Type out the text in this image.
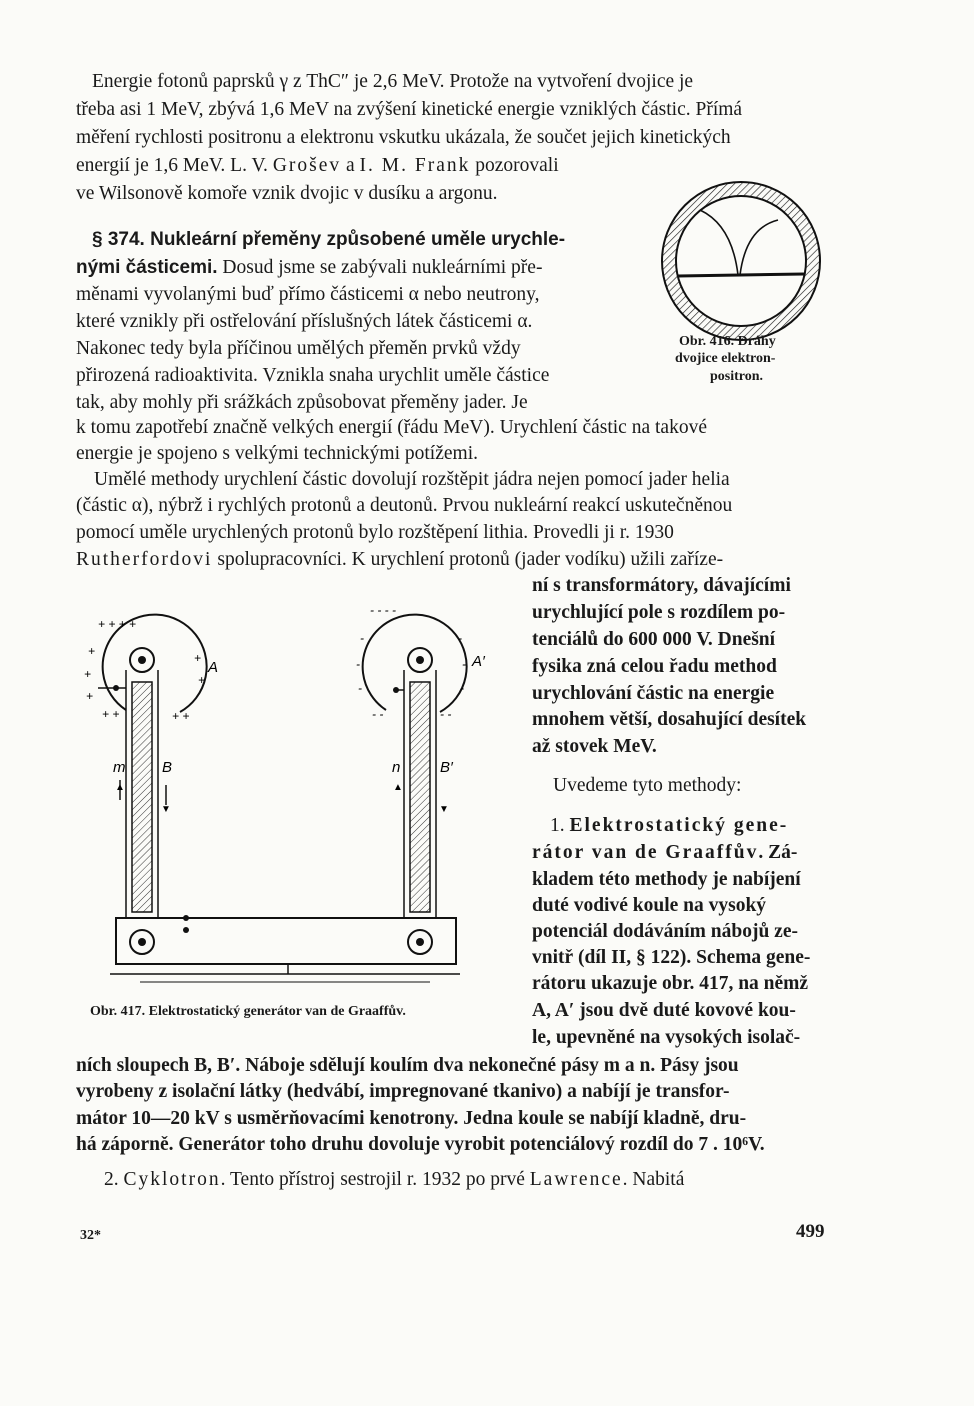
Energie fotonů paprsků γ z ThC″ je 2,6 MeV. Protože na vytvoření dvojice je
třeba asi 1 MeV, zbývá 1,6 MeV na zvýšení kinetické energie vzniklých částic. Přímá
měření rychlosti positronu a elektronu vskutku ukázala, že součet jejich kinetických
energií je 1,6 MeV. L. V. Grošev a I. M. Frank pozorovali
ve Wilsonově komoře vznik dvojic v dusíku a argonu.
§ 374. Nukleární přeměny způsobené uměle urychle-
nými částicemi. Dosud jsme se zabývali nukleárními pře-
měnami vyvolanými buď přímo částicemi α nebo neutrony,
které vznikly při ostřelování příslušných látek částicemi α.
Nakonec tedy byla příčinou umělých přeměn prvků vždy
přirozená radioaktivita. Vznikla snaha urychlit uměle částice
tak, aby mohly při srážkách způsobovat přeměny jader. Je
k tomu zapotřebí značně velkých energií (řádu MeV). Urychlení částic na takové
energie je spojeno s velkými technickými potížemi.
Umělé methody urychlení částic dovolují rozštěpit jádra nejen pomocí jader helia
(částic α), nýbrž i rychlých protonů a deutonů. Prvou nukleární reakcí uskutečněnou
pomocí uměle urychlených protonů bylo rozštěpení lithia. Provedli ji r. 1930
Rutherfordovi spolupracovníci. K urychlení protonů (jader vodíku) užili zaříze-
Obr. 416. Dráhy
dvojice elektron-
positron.
ní s transformátory, dávajícími
urychlující pole s rozdílem po-
tenciálů do 600 000 V. Dnešní
fysika zná celou řadu method
urychlování částic na energie
mnohem větší, dosahující desítek
až stovek MeV.
Uvedeme tyto methody:
1. Elektrostatický gene-
rátor van de Graaffův. Zá-
kladem této methody je nabíjení
duté vodivé koule na vysoký
potenciál dodáváním nábojů ze-
vnitř (díl II, § 122). Schema gene-
rátoru ukazuje obr. 417, na němž
A, A′ jsou dvě duté kovové kou-
le, upevněné na vysokých isolač-
+ + + +
+
+
+
+ +
+
+
+ +
A
m B
▲
▼
- - - -
-
-
-
-
-
-
- -
- -
A′
n	B′
▲
▼
Obr. 417. Elektrostatický generátor van de Graaffův.
ních sloupech B, B′. Náboje sdělují koulím dva nekonečné pásy m a n. Pásy jsou
vyrobeny z isolační látky (hedvábí, impregnované tkanivo) a nabíjí je transfor-
mátor 10—20 kV s usměrňovacími kenotrony. Jedna koule se nabíjí kladně, dru-
há záporně. Generátor toho druhu dovoluje vyrobit potenciálový rozdíl do 7 . 10⁶V.
2. Cyklotron. Tento přístroj sestrojil r. 1932 po prvé Lawrence. Nabitá
32*	499
